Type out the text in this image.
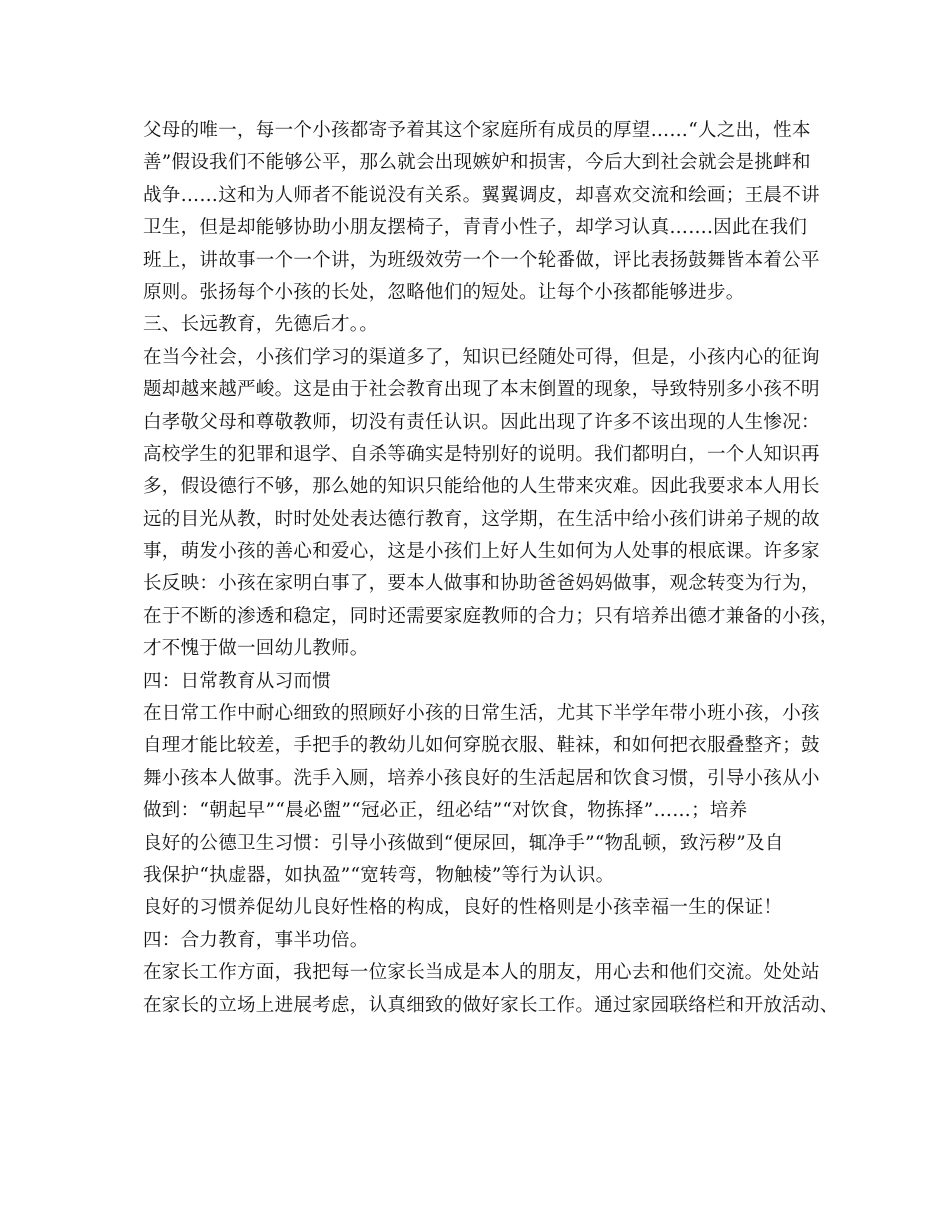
父母的唯一，每一个小孩都寄予着其这个家庭所有成员的厚望……“人之出，性本
善”假设我们不能够公平，那么就会出现嫉妒和损害，今后大到社会就会是挑衅和
战争……这和为人师者不能说没有关系。翼翼调皮，却喜欢交流和绘画；王晨不讲
卫生，但是却能够协助小朋友摆椅子，青青小性子，却学习认真…….因此在我们
班上，讲故事一个一个讲，为班级效劳一个一个轮番做，评比表扬鼓舞皆本着公平
原则。张扬每个小孩的长处，忽略他们的短处。让每个小孩都能够进步。
三、长远教育，先德后才。。
在当今社会，小孩们学习的渠道多了，知识已经随处可得，但是，小孩内心的征询
题却越来越严峻。这是由于社会教育出现了本末倒置的现象，导致特别多小孩不明
白孝敬父母和尊敬教师，切没有责任认识。因此出现了许多不该出现的人生惨况：
高校学生的犯罪和退学、自杀等确实是特别好的说明。我们都明白，一个人知识再
多，假设德行不够，那么她的知识只能给他的人生带来灾难。因此我要求本人用长
远的目光从教，时时处处表达德行教育，这学期，在生活中给小孩们讲弟子规的故
事，萌发小孩的善心和爱心，这是小孩们上好人生如何为人处事的根底课。许多家
长反映：小孩在家明白事了，要本人做事和协助爸爸妈妈做事，观念转变为行为，
在于不断的渗透和稳定，同时还需要家庭教师的合力；只有培养出德才兼备的小孩，
才不愧于做一回幼儿教师。
四：日常教育从习而惯
在日常工作中耐心细致的照顾好小孩的日常生活，尤其下半学年带小班小孩，小孩
自理才能比较差，手把手的教幼儿如何穿脱衣服、鞋袜，和如何把衣服叠整齐；鼓
舞小孩本人做事。洗手入厕，培养小孩良好的生活起居和饮食习惯，引导小孩从小
做到：“朝起早”“晨必盥”“冠必正，纽必结”“对饮食，物拣择”……；培养
良好的公德卫生习惯：引导小孩做到“便尿回，辄净手”“物乱顿，致污秽”及自
我保护“执虚器，如执盈”“宽转弯，物触棱”等行为认识。
良好的习惯养促幼儿良好性格的构成，良好的性格则是小孩幸福一生的保证！
四：合力教育，事半功倍。
在家长工作方面，我把每一位家长当成是本人的朋友，用心去和他们交流。处处站
在家长的立场上进展考虑，认真细致的做好家长工作。通过家园联络栏和开放活动、
